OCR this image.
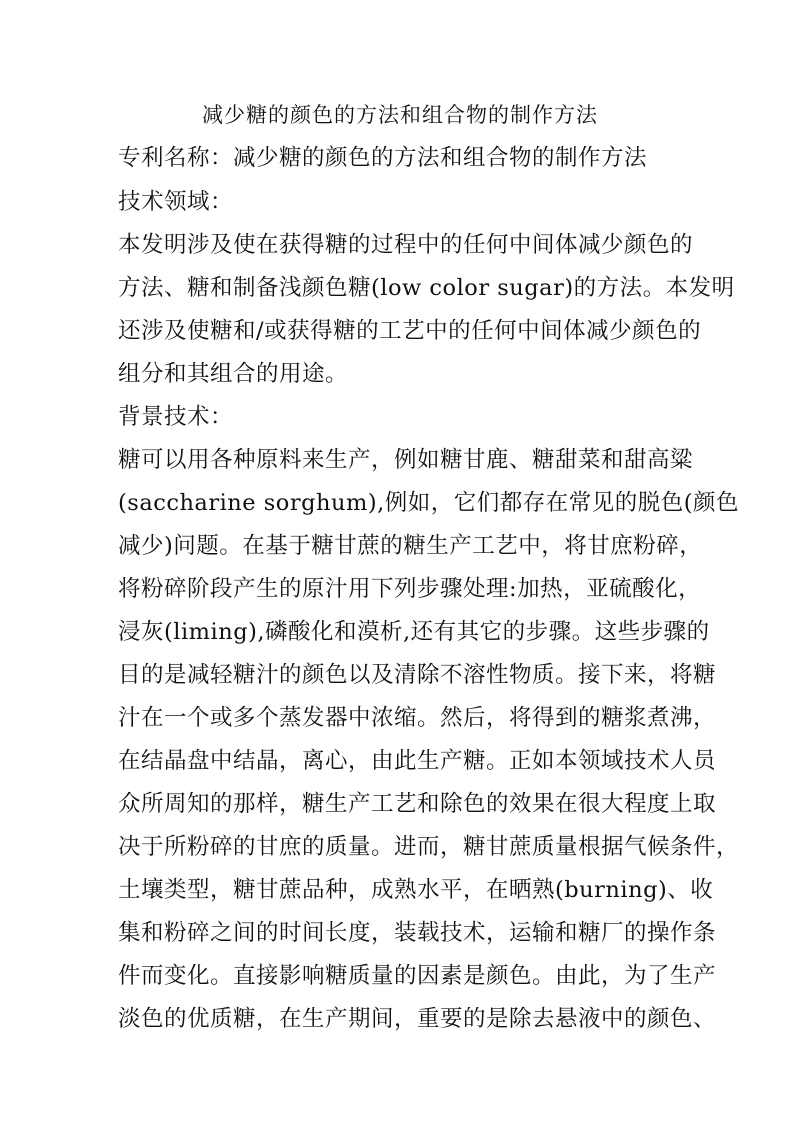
减少糖的颜色的方法和组合物的制作方法
专利名称：减少糖的颜色的方法和组合物的制作方法
技术领域：
本发明涉及使在获得糖的过程中的任何中间体减少颜色的
方法、糖和制备浅颜色糖(low color sugar)的方法。本发明
还涉及使糖和/或获得糖的工艺中的任何中间体减少颜色的
组分和其组合的用途。
背景技术：
糖可以用各种原料来生产，例如糖甘鹿、糖甜菜和甜高粱
(saccharine sorghum),例如，它们都存在常见的脱色(颜色
减少)问题。在基于糖甘蔗的糖生产工艺中，将甘庶粉碎，
将粉碎阶段产生的原汁用下列步骤处理:加热，亚硫酸化，
浸灰(liming),磷酸化和漠析,还有其它的步骤。这些步骤的
目的是减轻糖汁的颜色以及清除不溶性物质。接下来，将糖
汁在一个或多个蒸发器中浓缩。然后，将得到的糖浆煮沸，
在结晶盘中结晶，离心，由此生产糖。正如本领域技术人员
众所周知的那样，糖生产工艺和除色的效果在很大程度上取
决于所粉碎的甘庶的质量。进而，糖甘蔗质量根据气候条件，
土壤类型，糖甘蔗品种，成熟水平，在晒熟(burning)、收
集和粉碎之间的时间长度，装载技术，运输和糖厂的操作条
件而变化。直接影响糖质量的因素是颜色。由此，为了生产
淡色的优质糖，在生产期间，重要的是除去悬液中的颜色、
